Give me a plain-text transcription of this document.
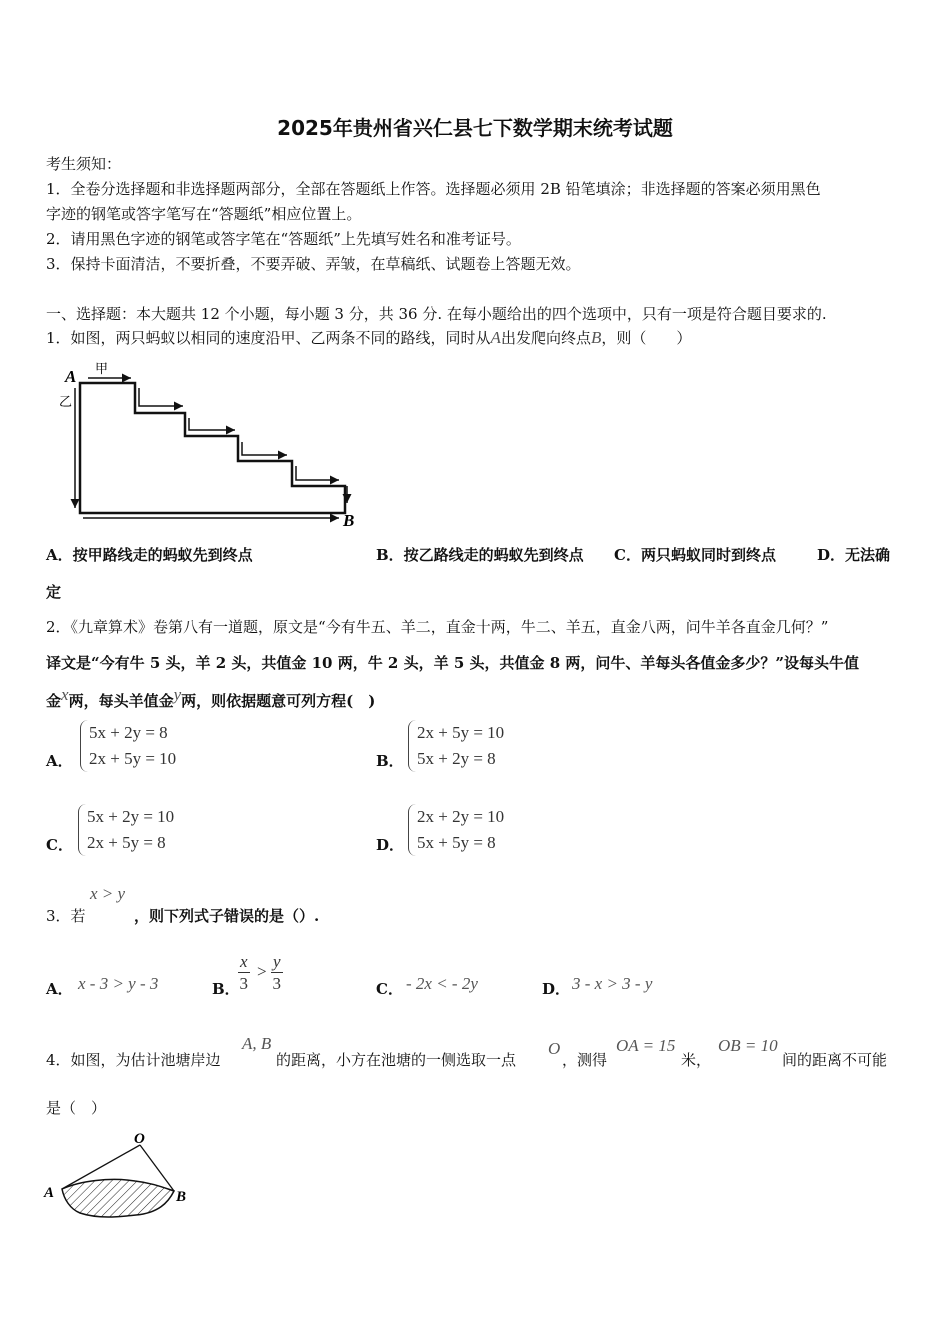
2025年贵州省兴仁县七下数学期末统考试题
考生须知：
1．全卷分选择题和非选择题两部分，全部在答题纸上作答。选择题必须用 2B 铅笔填涂；非选择题的答案必须用黑色
字迹的钢笔或答字笔写在“答题纸”相应位置上。
2．请用黑色字迹的钢笔或答字笔在“答题纸”上先填写姓名和准考证号。
3．保持卡面清洁，不要折叠，不要弄破、弄皱，在草稿纸、试题卷上答题无效。
一、选择题：本大题共 12 个小题，每小题 3 分，共 36 分. 在每小题给出的四个选项中，只有一项是符合题目要求的.
1．如图，两只蚂蚁以相同的速度沿甲、乙两条不同的路线，同时从A出发爬向终点B，则（　　）
A
B
甲
乙
A．按甲路线走的蚂蚁先到终点	B．按乙路线走的蚂蚁先到终点 C．两只蚂蚁同时到终点	D．无法确
定
2．《九章算术》卷第八有一道题，原文是“今有牛五、羊二，直金十两，牛二、羊五，直金八两，问牛羊各直金几何？”
译文是“今有牛 5 头，羊 2 头，共值金 10 两，牛 2 头，羊 5 头，共值金 8 两，问牛、羊每头各值金多少？”设每头牛值
金x两，每头羊值金y两，则依据题意可列方程(　)
A．
5x + 2y = 8
2x + 5y = 10	B．
2x + 5y = 10
5x + 2y = 8
C．
5x + 2y = 10
2x + 5y = 8	D．
2x + 2y = 10
5x + 5y = 8
3．若
x > y
，则下列式子错误的是（）.
A． x - 3 > y - 3	B．
$\frac{x}{3} > \frac{y}{3}$	C． - 2x < - 2y	D． 3 - x > 3 - y
4．如图，为估计池塘岸边
A, B
的距离，小方在池塘的一侧选取一点
O
，测得
OA = 15
米，
OB = 10
间的距离不可能
是（　）
O
A	B
